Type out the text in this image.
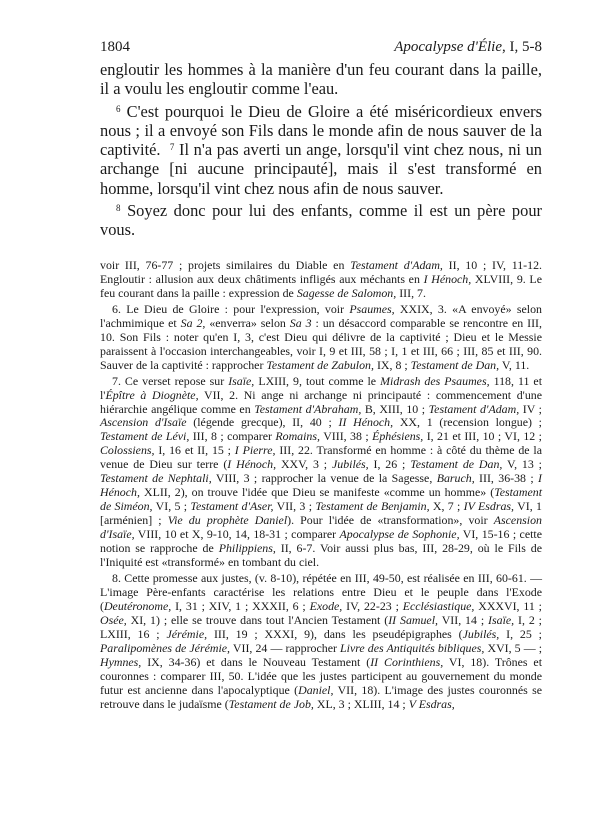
1804	Apocalypse d'Élie, I, 5-8

engloutir les hommes à la manière d'un feu courant dans la paille, il a voulu les engloutir comme l'eau.

$^6$ C'est pourquoi le Dieu de Gloire a été miséricordieux envers nous ; il a envoyé son Fils dans le monde afin de nous sauver de la captivité. $^7$ Il n'a pas averti un ange, lorsqu'il vint chez nous, ni un archange [ni aucune principauté], mais il s'est transformé en homme, lorsqu'il vint chez nous afin de nous sauver.

$^8$ Soyez donc pour lui des enfants, comme il est un père pour vous.

voir III, 76-77 ; projets similaires du Diable en Testament d'Adam, II, 10 ; IV, 11-12. Engloutir : allusion aux deux châtiments infligés aux méchants en I Hénoch, XLVIII, 9. Le feu courant dans la paille : expression de Sagesse de Salomon, III, 7.

6. Le Dieu de Gloire : pour l'expression, voir Psaumes, XXIX, 3. «A envoyé» selon l'achmimique et Sa 2, «enverra» selon Sa 3 : un désaccord comparable se rencontre en III, 10. Son Fils : noter qu'en I, 3, c'est Dieu qui délivre de la captivité ; Dieu et le Messie paraissent à l'occasion interchangeables, voir I, 9 et III, 58 ; I, 1 et III, 66 ; III, 85 et III, 90. Sauver de la captivité : rapprocher Testament de Zabulon, IX, 8 ; Testament de Dan, V, 11.

7. Ce verset repose sur Isaïe, LXIII, 9, tout comme le Midrash des Psaumes, 118, 11 et l'Épître à Diognète, VII, 2. Ni ange ni archange ni principauté : commencement d'une hiérarchie angélique comme en Testament d'Abraham, B, XIII, 10 ; Testament d'Adam, IV ; Ascension d'Isaïe (légende grecque), II, 40 ; II Hénoch, XX, 1 (recension longue) ; Testament de Lévi, III, 8 ; comparer Romains, VIII, 38 ; Éphésiens, I, 21 et III, 10 ; VI, 12 ; Colossiens, I, 16 et II, 15 ; I Pierre, III, 22. Transformé en homme : à côté du thème de la venue de Dieu sur terre (I Hénoch, XXV, 3 ; Jubilés, I, 26 ; Testament de Dan, V, 13 ; Testament de Nephtali, VIII, 3 ; rapprocher la venue de la Sagesse, Baruch, III, 36-38 ; I Hénoch, XLII, 2), on trouve l'idée que Dieu se manifeste «comme un homme» (Testament de Siméon, VI, 5 ; Testament d'Aser, VII, 3 ; Testament de Benjamin, X, 7 ; IV Esdras, VI, 1 [arménien] ; Vie du prophète Daniel). Pour l'idée de «transformation», voir Ascension d'Isaïe, VIII, 10 et X, 9-10, 14, 18-31 ; comparer Apocalypse de Sophonie, VI, 15-16 ; cette notion se rapproche de Philippiens, II, 6-7. Voir aussi plus bas, III, 28-29, où le Fils de l'Iniquité est «transformé» en tombant du ciel.

8. Cette promesse aux justes, (v. 8-10), répétée en III, 49-50, est réalisée en III, 60-61. — L'image Père-enfants caractérise les relations entre Dieu et le peuple dans l'Exode (Deutéronome, I, 31 ; XIV, 1 ; XXXII, 6 ; Exode, IV, 22-23 ; Ecclésiastique, XXXVI, 11 ; Osée, XI, 1) ; elle se trouve dans tout l'Ancien Testament (II Samuel, VII, 14 ; Isaïe, I, 2 ; LXIII, 16 ; Jérémie, III, 19 ; XXXI, 9), dans les pseudépigraphes (Jubilés, I, 25 ; Paralipomènes de Jérémie, VII, 24 — rapprocher Livre des Antiquités bibliques, XVI, 5 — ; Hymnes, IX, 34-36) et dans le Nouveau Testament (II Corinthiens, VI, 18). Trônes et couronnes : comparer III, 50. L'idée que les justes participent au gouvernement du monde futur est ancienne dans l'apocalyptique (Daniel, VII, 18). L'image des justes couronnés se retrouve dans le judaïsme (Testament de Job, XL, 3 ; XLIII, 14 ; V Esdras,
